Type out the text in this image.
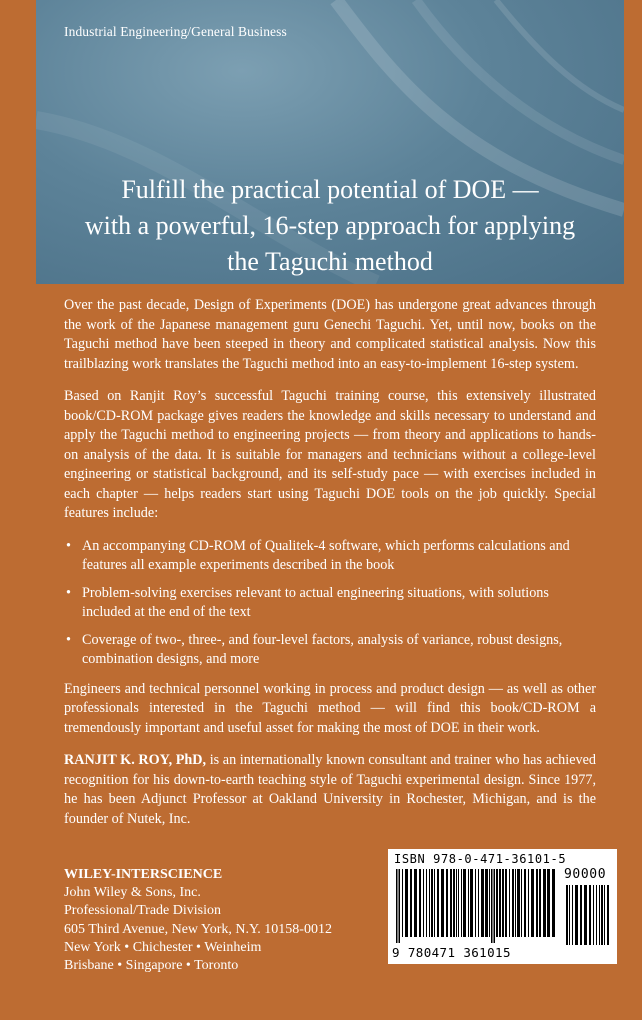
Industrial Engineering/General Business
Fulfill the practical potential of DOE —
with a powerful, 16-step approach for applying
the Taguchi method

Over the past decade, Design of Experiments (DOE) has undergone great advances through the work of the Japanese management guru Genechi Taguchi. Yet, until now, books on the Taguchi method have been steeped in theory and complicated statistical analysis. Now this trailblazing work translates the Taguchi method into an easy-to-implement 16-step system.

Based on Ranjit Roy’s successful Taguchi training course, this extensively illustrated book/CD-ROM package gives readers the knowledge and skills necessary to understand and apply the Taguchi method to engineering projects — from theory and applications to hands-on analysis of the data. It is suitable for managers and technicians without a college-level engineering or statistical background, and its self-study pace — with exercises included in each chapter — helps readers start using Taguchi DOE tools on the job quickly. Special features include:

• An accompanying CD-ROM of Qualitek-4 software, which performs calculations and features all example experiments described in the book
• Problem-solving exercises relevant to actual engineering situations, with solutions included at the end of the text
• Coverage of two-, three-, and four-level factors, analysis of variance, robust designs, combination designs, and more

Engineers and technical personnel working in process and product design — as well as other professionals interested in the Taguchi method — will find this book/CD-ROM a tremendously important and useful asset for making the most of DOE in their work.

RANJIT K. ROY, PhD, is an internationally known consultant and trainer who has achieved recognition for his down-to-earth teaching style of Taguchi experimental design. Since 1977, he has been Adjunct Professor at Oakland University in Rochester, Michigan, and is the founder of Nutek, Inc.

WILEY-INTERSCIENCE
John Wiley & Sons, Inc.
Professional/Trade Division
605 Third Avenue, New York, N.Y. 10158-0012
New York • Chichester • Weinheim
Brisbane • Singapore • Toronto
ISBN 978-0-471-36101-5
90000
9 780471 361015
